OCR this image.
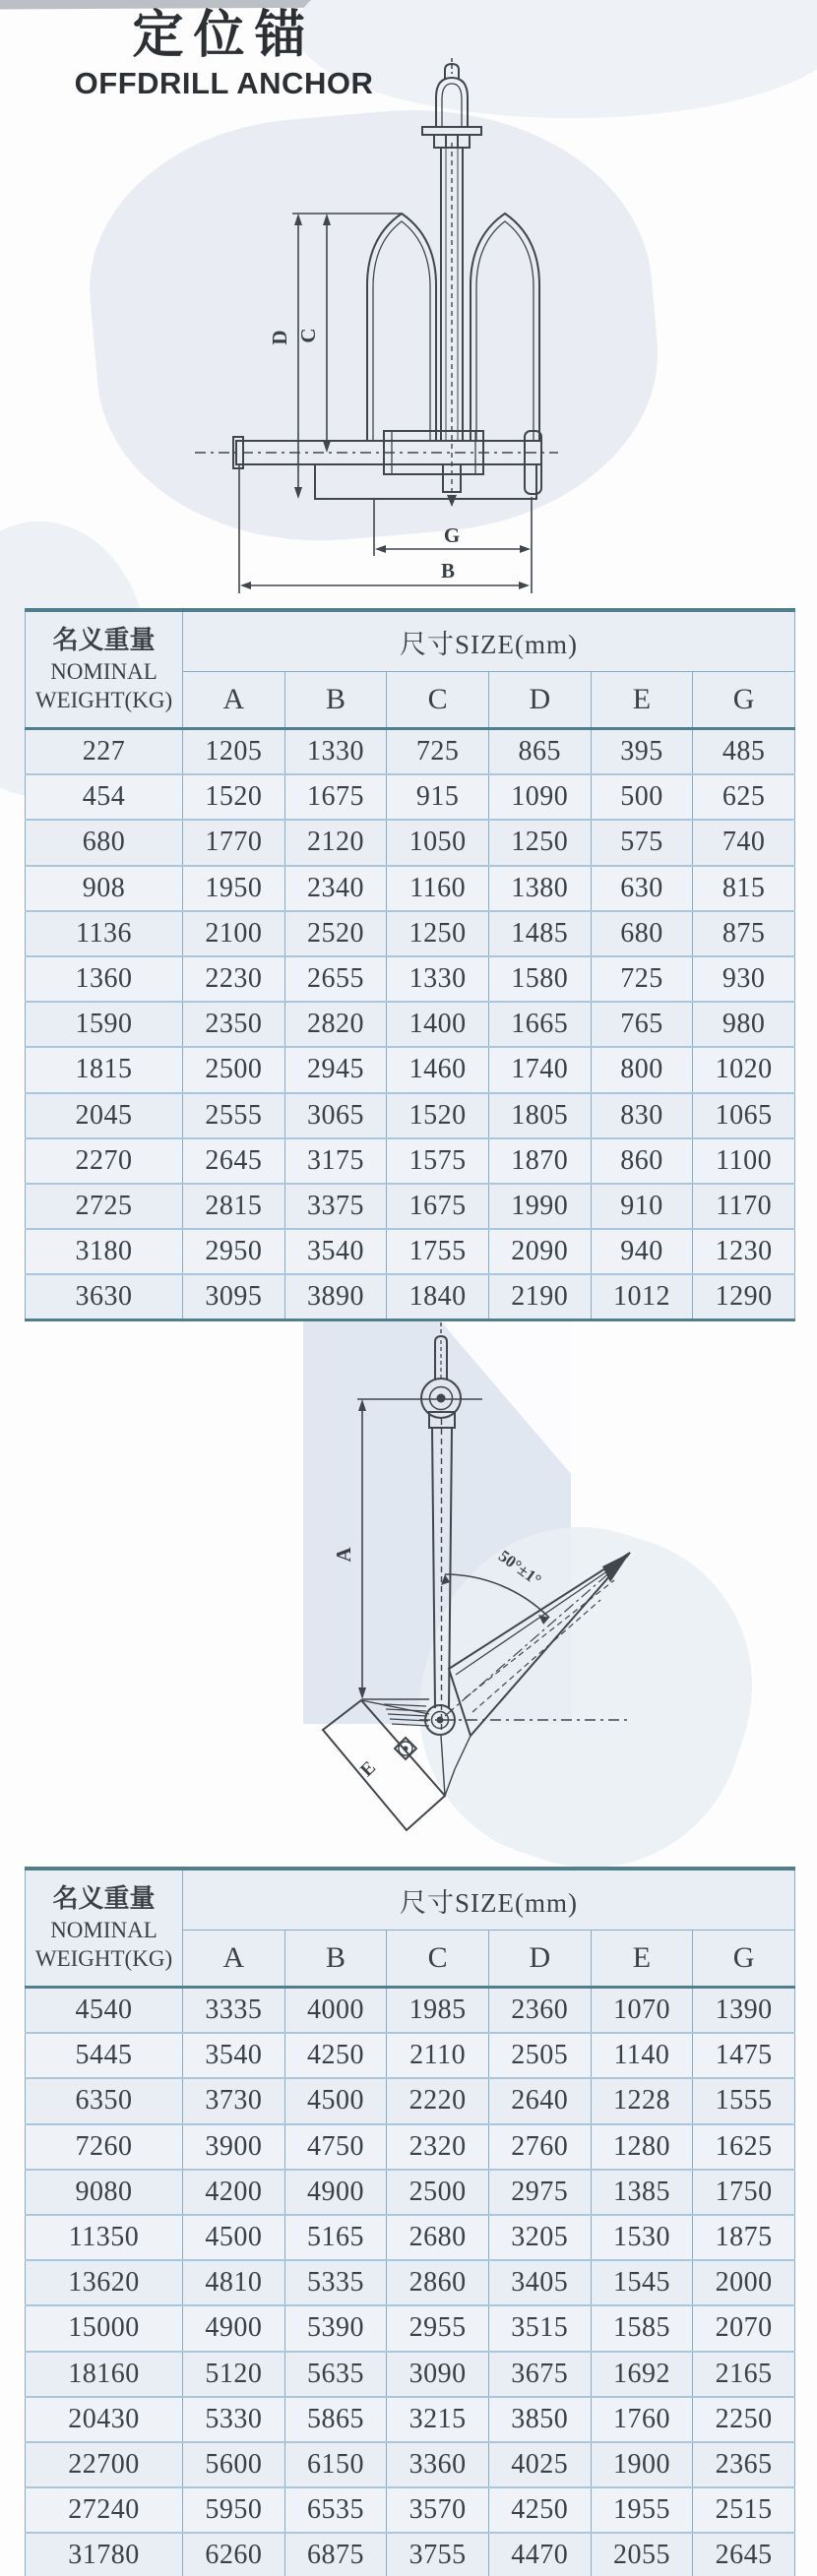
定位锚
OFFDRILL ANCHOR
D C
G
B
A	50°±1°
E
名义重量
NOMINAL
WEIGHT(KG)	尺寸SIZE(mm)					
	A	B	C	D	E	G
227	1205	1330	725	865	395	485
454	1520	1675	915	1090	500	625
680	1770	2120	1050	1250	575	740
908	1950	2340	1160	1380	630	815
1136	2100	2520	1250	1485	680	875
1360	2230	2655	1330	1580	725	930
1590	2350	2820	1400	1665	765	980
1815	2500	2945	1460	1740	800	1020
2045	2555	3065	1520	1805	830	1065
2270	2645	3175	1575	1870	860	1100
2725	2815	3375	1675	1990	910	1170
3180	2950	3540	1755	2090	940	1230
3630	3095	3890	1840	2190	1012	1290
名义重量
NOMINAL
WEIGHT(KG)	尺寸SIZE(mm)					
	A	B	C	D	E	G
4540	3335	4000	1985	2360	1070	1390
5445	3540	4250	2110	2505	1140	1475
6350	3730	4500	2220	2640	1228	1555
7260	3900	4750	2320	2760	1280	1625
9080	4200	4900	2500	2975	1385	1750
11350	4500	5165	2680	3205	1530	1875
13620	4810	5335	2860	3405	1545	2000
15000	4900	5390	2955	3515	1585	2070
18160	5120	5635	3090	3675	1692	2165
20430	5330	5865	3215	3850	1760	2250
22700	5600	6150	3360	4025	1900	2365
27240	5950	6535	3570	4250	1955	2515
31780	6260	6875	3755	4470	2055	2645
